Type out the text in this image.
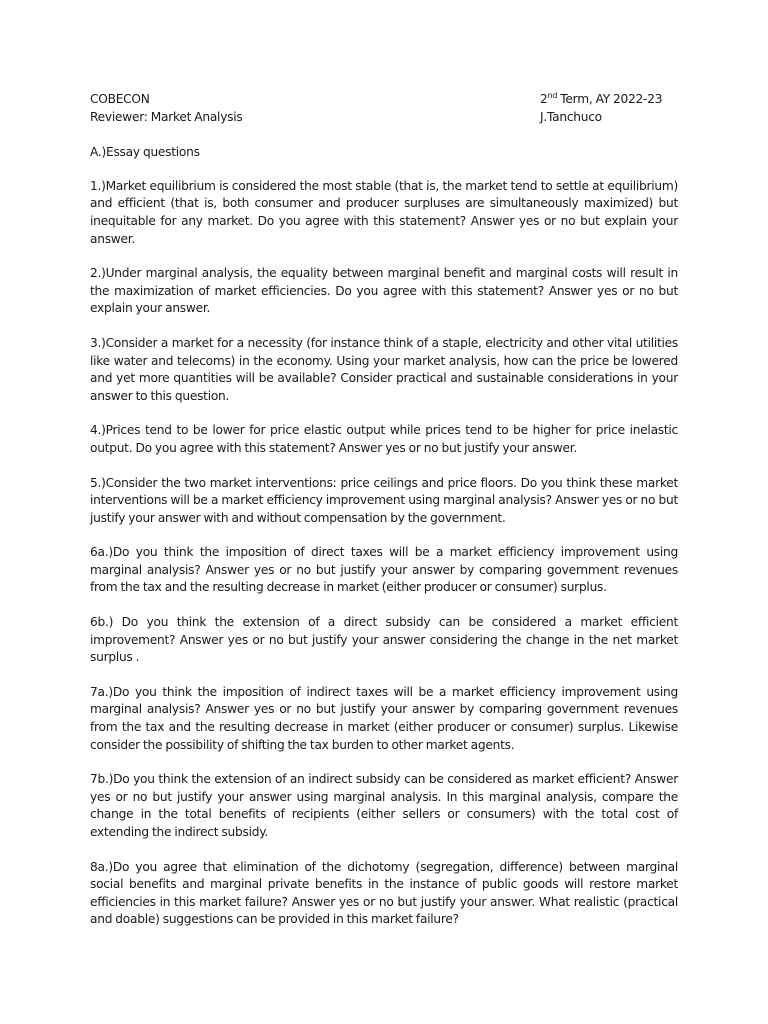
COBECON
Reviewer: Market Analysis
2nd Term, AY 2022-23
J.Tanchuco
A.)Essay questions

1.)Market equilibrium is considered the most stable (that is, the market tend to settle at equilibrium) and efficient (that is, both consumer and producer surpluses are simultaneously maximized) but inequitable for any market. Do you agree with this statement? Answer yes or no but explain your answer.

2.)Under marginal analysis, the equality between marginal benefit and marginal costs will result in the maximization of market efficiencies. Do you agree with this statement? Answer yes or no but explain your answer.

3.)Consider a market for a necessity (for instance think of a staple, electricity and other vital utilities like water and telecoms) in the economy. Using your market analysis, how can the price be lowered and yet more quantities will be available? Consider practical and sustainable considerations in your answer to this question.

4.)Prices tend to be lower for price elastic output while prices tend to be higher for price inelastic output. Do you agree with this statement? Answer yes or no but justify your answer.

5.)Consider the two market interventions: price ceilings and price floors. Do you think these market interventions will be a market efficiency improvement using marginal analysis? Answer yes or no but justify your answer with and without compensation by the government.

6a.)Do you think the imposition of direct taxes will be a market efficiency improvement using marginal analysis? Answer yes or no but justify your answer by comparing government revenues from the tax and the resulting decrease in market (either producer or consumer) surplus.

6b.) Do you think the extension of a direct subsidy can be considered a market efficient improvement? Answer yes or no but justify your answer considering the change in the net market surplus .

7a.)Do you think the imposition of indirect taxes will be a market efficiency improvement using marginal analysis? Answer yes or no but justify your answer by comparing government revenues from the tax and the resulting decrease in market (either producer or consumer) surplus. Likewise consider the possibility of shifting the tax burden to other market agents.

7b.)Do you think the extension of an indirect subsidy can be considered as market efficient? Answer yes or no but justify your answer using marginal analysis. In this marginal analysis, compare the change in the total benefits of recipients (either sellers or consumers) with the total cost of extending the indirect subsidy.

8a.)Do you agree that elimination of the dichotomy (segregation, difference) between marginal social benefits and marginal private benefits in the instance of public goods will restore market efficiencies in this market failure? Answer yes or no but justify your answer. What realistic (practical and doable) suggestions can be provided in this market failure?
